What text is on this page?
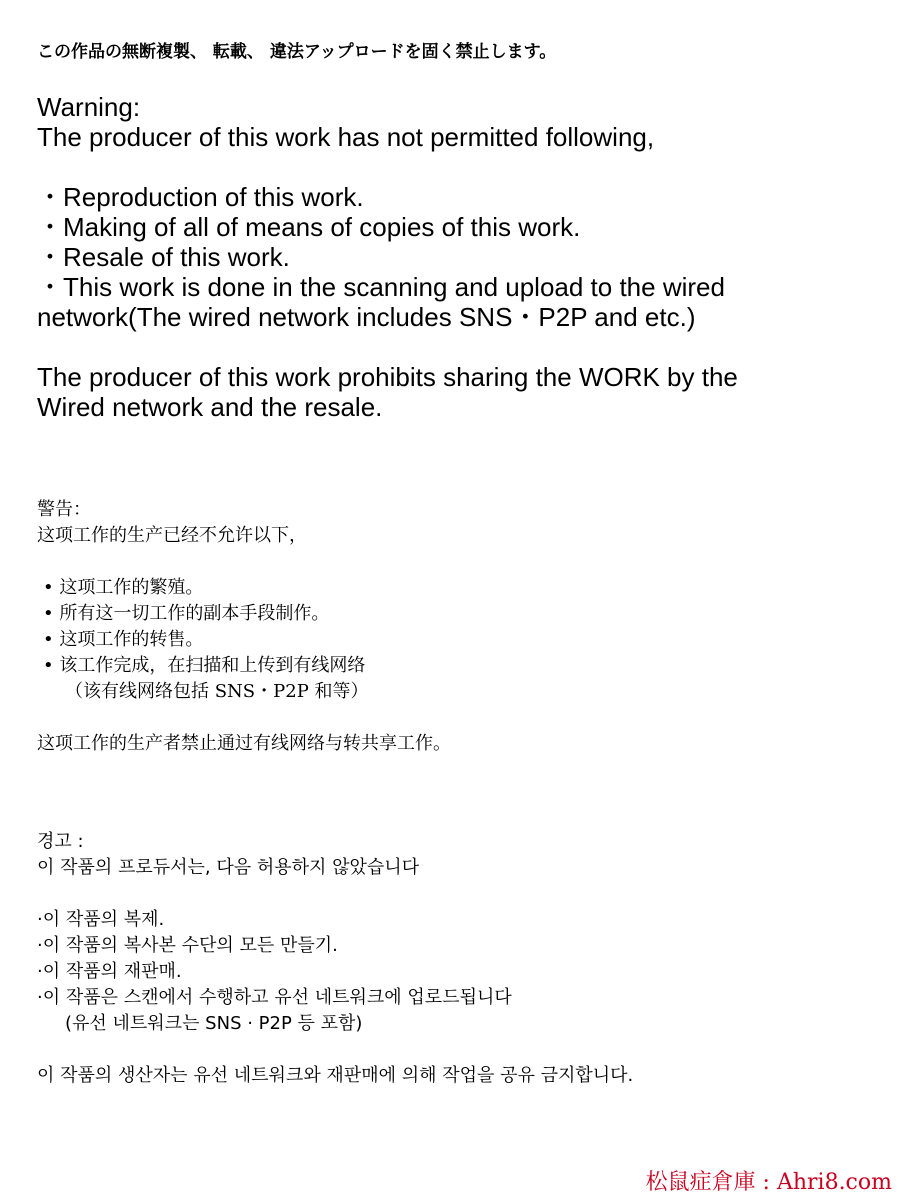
この作品の無断複製、 転載、 違法アップロードを固く禁止します。
Warning:
The producer of this work has not permitted following,
・Reproduction of this work.
・Making of all of means of copies of this work.
・Resale of this work.
・This work is done in the scanning and upload to the wired
network(The wired network includes SNS・P2P and etc.)
The producer of this work prohibits sharing the WORK by the
Wired network and the resale.
警告：
这项工作的生产已经不允许以下，
• 这项工作的繁殖。
• 所有这一切工作的副本手段制作。
• 这项工作的转售。
• 该工作完成，在扫描和上传到有线网络
（该有线网络包括 SNS・P2P 和等）
这项工作的生产者禁止通过有线网络与转共享工作。
경고 :
이 작품의 프로듀서는, 다음 허용하지 않았습니다
·이 작품의 복제.
·이 작품의 복사본 수단의 모든 만들기.
·이 작품의 재판매.
·이 작품은 스캔에서 수행하고 유선 네트워크에 업로드됩니다
(유선 네트워크는 SNS · P2P 등 포함)
이 작품의 생산자는 유선 네트워크와 재판매에 의해 작업을 공유 금지합니다.
松鼠症倉庫 : Ahri8.com
